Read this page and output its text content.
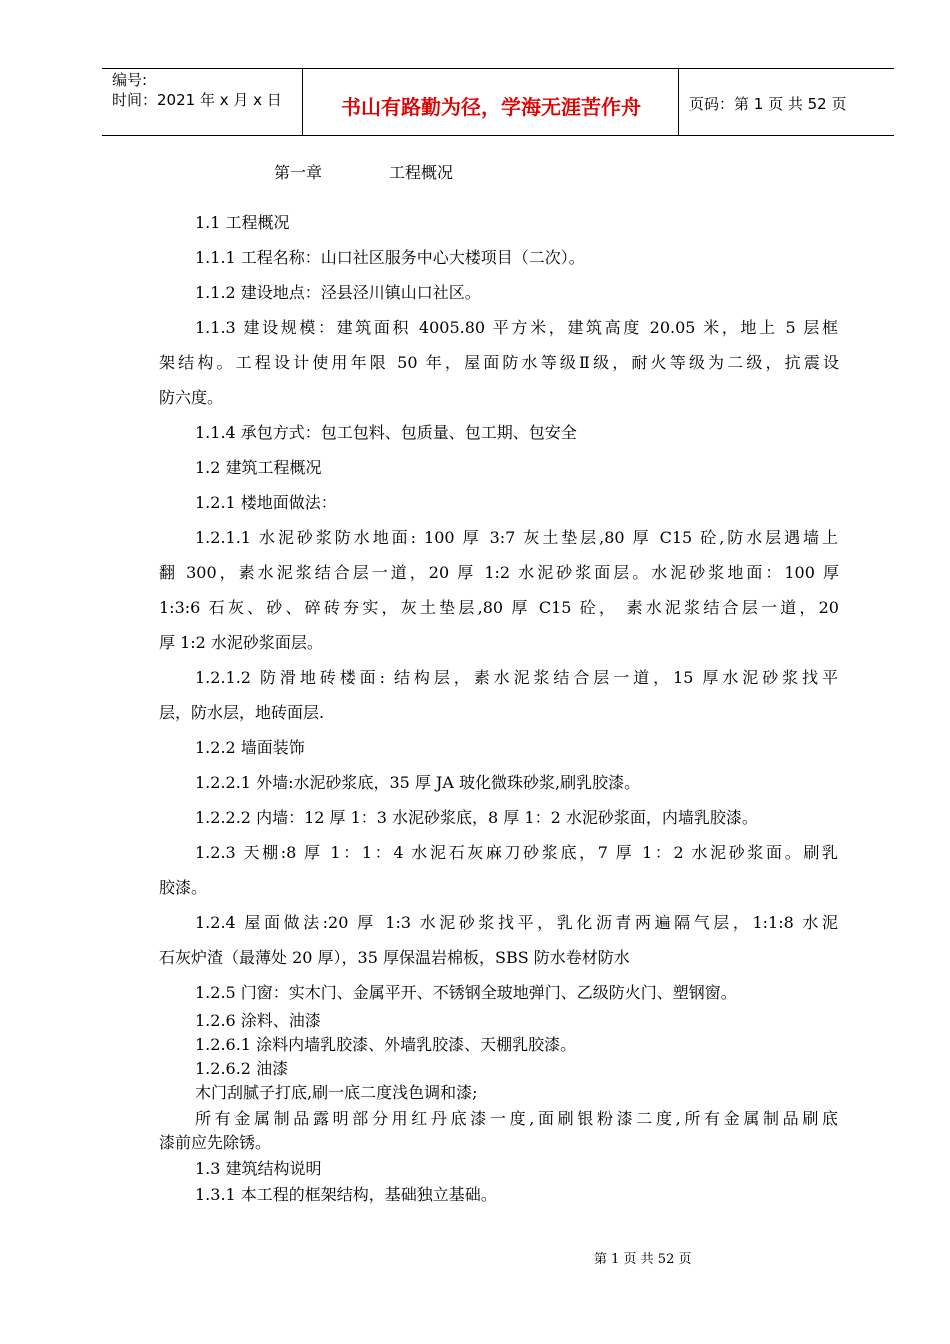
编号:
时间：2021 年 x 月 x 日	书山有路勤为径，学海无涯苦作舟	页码：第 1 页 共 52 页
第一章	工程概况
1.1 工程概况
1.1.1 工程名称：山口社区服务中心大楼项目（二次）。
1.1.2 建设地点：泾县泾川镇山口社区。
1.1.3 建设规模：建筑面积 4005.80 平方米，建筑高度 20.05 米，地上 5 层框
架结构。工程设计使用年限 50 年，屋面防水等级Ⅱ级，耐火等级为二级，抗震设
防六度。
1.1.4 承包方式：包工包料、包质量、包工期、包安全
1.2 建筑工程概况
1.2.1 楼地面做法：
1.2.1.1 水泥砂浆防水地面: 100 厚 3:7 灰土垫层,80 厚 C15 砼,防水层遇墙上
翻 300，素水泥浆结合层一道，20 厚 1:2 水泥砂浆面层。水泥砂浆地面：100 厚
1:3:6 石灰、砂、碎砖夯实，灰土垫层,80 厚 C15 砼， 素水泥浆结合层一道，20
厚 1:2 水泥砂浆面层。
1.2.1.2 防滑地砖楼面: 结构层，素水泥浆结合层一道，15 厚水泥砂浆找平
层，防水层，地砖面层.
1.2.2 墙面装饰
1.2.2.1 外墙:水泥砂浆底，35 厚 JA 玻化微珠砂浆,刷乳胶漆。
1.2.2.2 内墙：12 厚 1：3 水泥砂浆底，8 厚 1：2 水泥砂浆面，内墙乳胶漆。
1.2.3 天棚:8 厚 1：1：4 水泥石灰麻刀砂浆底，7 厚 1：2 水泥砂浆面。刷乳
胶漆。
1.2.4 屋面做法:20 厚 1:3 水泥砂浆找平，乳化沥青两遍隔气层，1:1:8 水泥
石灰炉渣（最薄处 20 厚），35 厚保温岩棉板，SBS 防水卷材防水
1.2.5 门窗：实木门、金属平开、不锈钢全玻地弹门、乙级防火门、塑钢窗。
1.2.6 涂料、油漆
1.2.6.1 涂料内墙乳胶漆、外墙乳胶漆、天棚乳胶漆。
1.2.6.2 油漆
木门刮腻子打底,刷一底二度浅色调和漆;
所有金属制品露明部分用红丹底漆一度,面刷银粉漆二度,所有金属制品刷底
漆前应先除锈。
1.3 建筑结构说明
1.3.1 本工程的框架结构，基础独立基础。
第 1 页 共 52 页
